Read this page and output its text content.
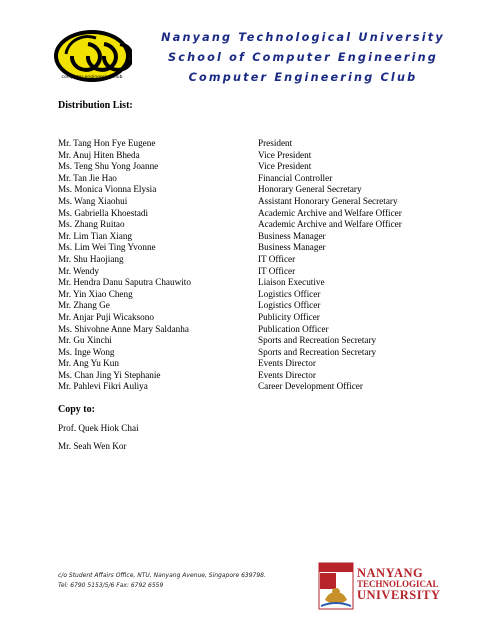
computer engineering club
Nanyang Technological University
School of Computer Engineering
Computer Engineering Club
Distribution List:
Mr. Tang Hon Fye Eugene	President
Mr. Anuj Hiten Bheda	Vice President
Ms. Teng Shu Yong Joanne	Vice President
Mr. Tan Jie Hao	Financial Controller
Ms. Monica Vionna Elysia	Honorary General Secretary
Ms. Wang Xiaohui	Assistant Honorary General Secretary
Ms. Gabriella Khoestadi	Academic Archive and Welfare Officer
Ms. Zhang Ruitao	Academic Archive and Welfare Officer
Mr. Lim Tian Xiang	Business Manager
Ms. Lim Wei Ting Yvonne	Business Manager
Mr. Shu Haojiang	IT Officer
Mr. Wendy	IT Officer
Mr. Hendra Danu Saputra Chauwito	Liaison Executive
Mr. Yin Xiao Cheng	Logistics Officer
Mr. Zhang Ge	Logistics Officer
Mr. Anjar Puji Wicaksono	Publicity Officer
Ms. Shivohne Anne Mary Saldanha	Publication Officer
Mr. Gu Xinchi	Sports and Recreation Secretary
Ms. Inge Wong	Sports and Recreation Secretary
Mr. Ang Yu Kun	Events Director
Ms. Chan Jing Yi Stephanie	Events Director
Mr. Pahlevi Fikri Auliya	Career Development Officer
Copy to:
Prof. Quek Hiok Chai
Mr. Seah Wen Kor
c/o Student Affairs Office, NTU, Nanyang Avenue, Singapore 639798.
Tel: 6790 5153/5/6 Fax: 6792 6559
NANYANG
TECHNOLOGICAL
UNIVERSITY
